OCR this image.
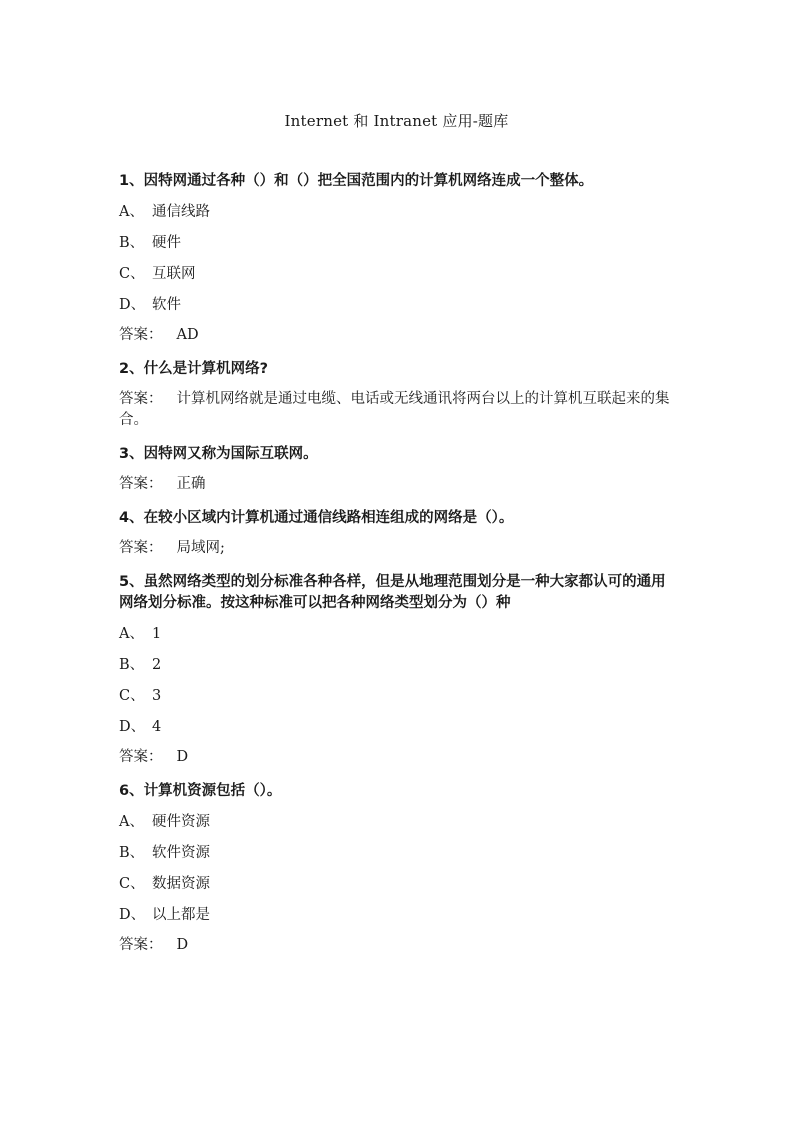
Internet 和 Intranet 应用-题库
1、因特网通过各种（）和（）把全国范围内的计算机网络连成一个整体。
A、 通信线路
B、 硬件
C、 互联网
D、 软件
答案： AD
2、什么是计算机网络?
答案： 计算机网络就是通过电缆、电话或无线通讯将两台以上的计算机互联起来的集合。
3、因特网又称为国际互联网。
答案： 正确
4、在较小区域内计算机通过通信线路相连组成的网络是（）。
答案： 局域网;
5、虽然网络类型的划分标准各种各样，但是从地理范围划分是一种大家都认可的通用网络划分标准。按这种标准可以把各种网络类型划分为（）种
A、 1
B、 2
C、 3
D、 4
答案： D
6、计算机资源包括（）。
A、 硬件资源
B、 软件资源
C、 数据资源
D、 以上都是
答案： D
